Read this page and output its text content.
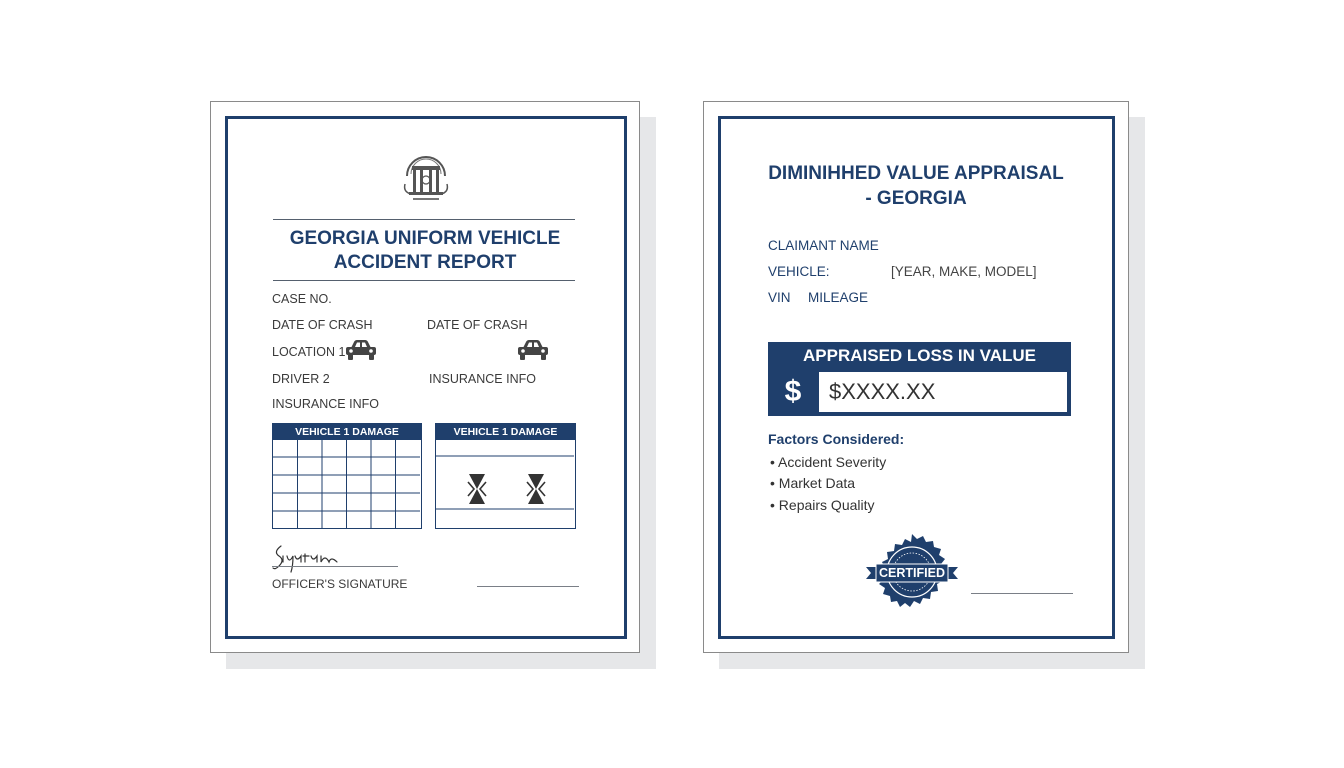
GEORGIA UNIFORM VEHICLE
ACCIDENT REPORT
CASE NO.
DATE OF CRASH	DATE OF CRASH
LOCATION 1
DRIVER 2	INSURANCE INFO
INSURANCE INFO
VEHICLE 1 DAMAGE	VEHICLE 1 DAMAGE
OFFICER'S SIGNATURE
DIMINIHHED VALUE APPRAISAL
- GEORGIA
CLAIMANT NAME
VEHICLE:	[YEAR, MAKE, MODEL]
VIN MILEAGE
APPRAISED LOSS IN VALUE
$	$XXXX.XX
Factors Considered:
• Accident Severity
• Market Data
• Repairs Quality
CERTIFIED
